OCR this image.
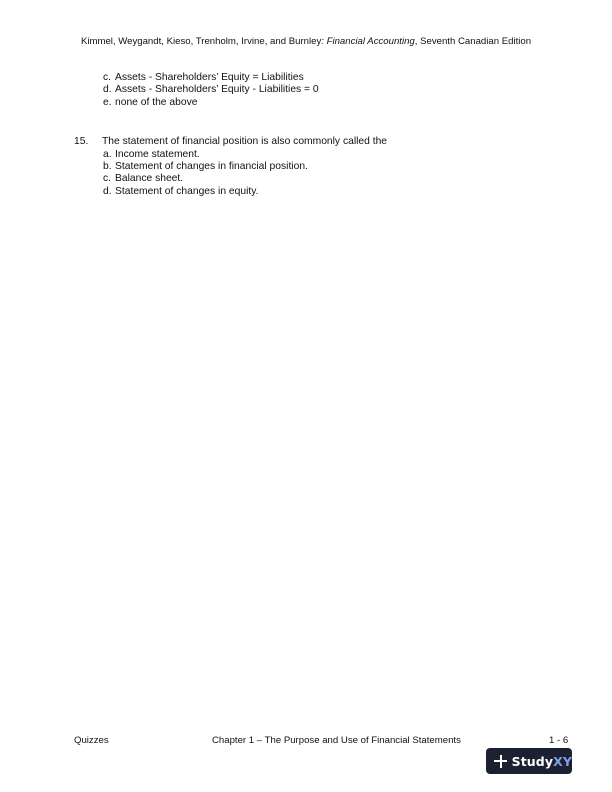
Kimmel, Weygandt, Kieso, Trenholm, Irvine, and Burnley: Financial Accounting, Seventh Canadian Edition
c. Assets - Shareholders’ Equity = Liabilities
d. Assets - Shareholders’ Equity - Liabilities = 0
e. none of the above
15. The statement of financial position is also commonly called the
a. Income statement.
b. Statement of changes in financial position.
c. Balance sheet.
d. Statement of changes in equity.
Quizzes	Chapter 1 – The Purpose and Use of Financial Statements	1 - 6
StudyXY
